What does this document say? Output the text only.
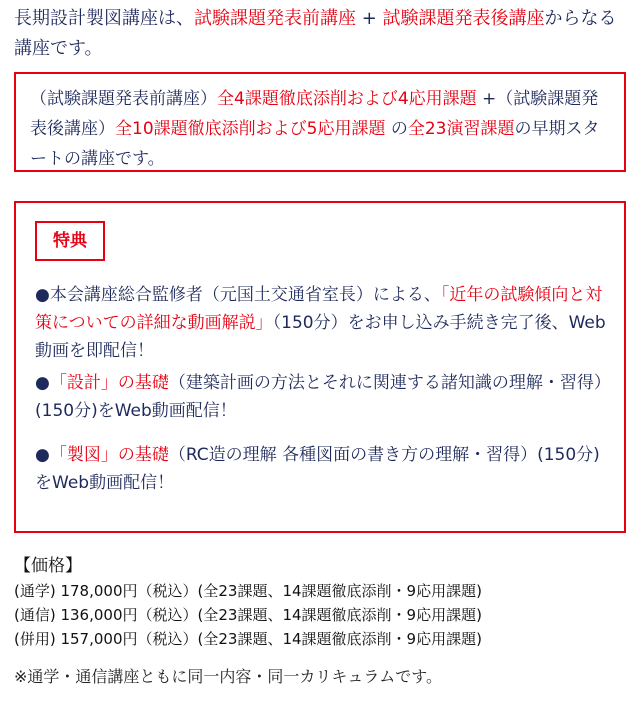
長期設計製図講座は、試験課題発表前講座 + 試験課題発表後講座からなる講座です。
（試験課題発表前講座）全4課題徹底添削および4応用課題 +（試験課題発表後講座）全10課題徹底添削および5応用課題 の全23演習課題の早期スタートの講座です。
特典
●本会講座総合監修者（元国土交通省室長）による、「近年の試験傾向と対策についての詳細な動画解説」（150分）をお申し込み手続き完了後、Web動画を即配信！
●「設計」の基礎（建築計画の方法とそれに関連する諸知識の理解・習得）(150分)をWeb動画配信！
●「製図」の基礎（RC造の理解 各種図面の書き方の理解・習得）(150分)をWeb動画配信！
【価格】
(通学) 178,000円（税込）(全23課題、14課題徹底添削・9応用課題)
(通信) 136,000円（税込）(全23課題、14課題徹底添削・9応用課題)
(併用) 157,000円（税込）(全23課題、14課題徹底添削・9応用課題)
※通学・通信講座ともに同一内容・同一カリキュラムです。
